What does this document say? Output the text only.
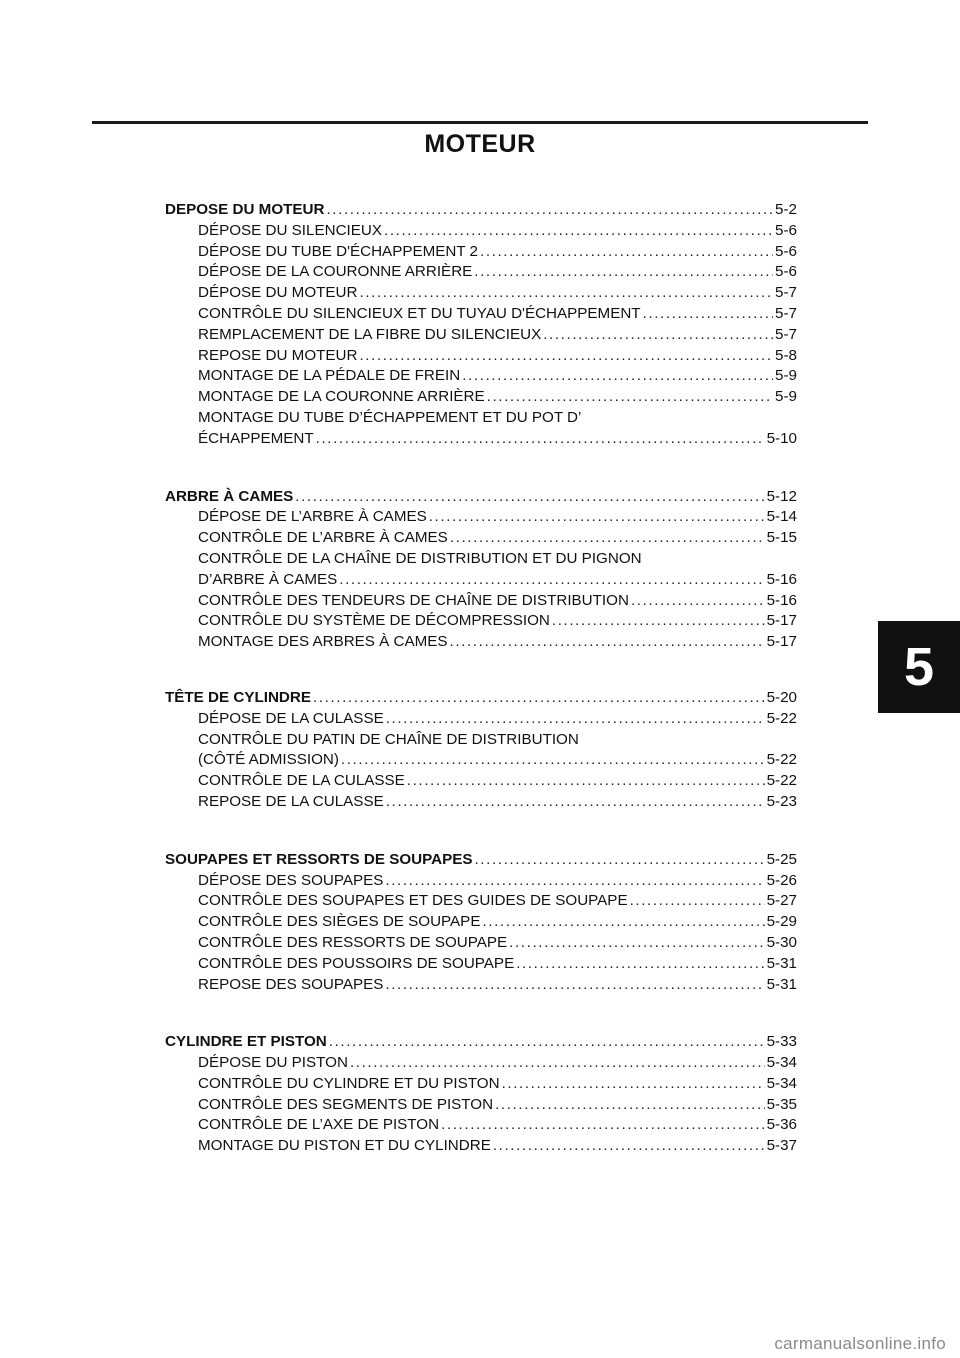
MOTEUR
5
DEPOSE DU MOTEUR .....	5-2
DÉPOSE DU SILENCIEUX .....	5-6
DÉPOSE DU TUBE D'ÉCHAPPEMENT 2 .....	5-6
DÉPOSE DE LA COURONNE ARRIÈRE .....	5-6
DÉPOSE DU MOTEUR .....	5-7
CONTRÔLE DU SILENCIEUX ET DU TUYAU D'ÉCHAPPEMENT .....	5-7
REMPLACEMENT DE LA FIBRE DU SILENCIEUX .....	5-7
REPOSE DU MOTEUR .....	5-8
MONTAGE DE LA PÉDALE DE FREIN .....	5-9
MONTAGE DE LA COURONNE ARRIÈRE .....	5-9
MONTAGE DU TUBE D’ÉCHAPPEMENT ET DU POT D’
ÉCHAPPEMENT .....	5-10
ARBRE À CAMES .....	5-12
DÉPOSE DE L’ARBRE À CAMES .....	5-14
CONTRÔLE DE L’ARBRE À CAMES .....	5-15
CONTRÔLE DE LA CHAÎNE DE DISTRIBUTION ET DU PIGNON
D’ARBRE À CAMES .....	5-16
CONTRÔLE DES TENDEURS DE CHAÎNE DE DISTRIBUTION .....	5-16
CONTRÔLE DU SYSTÈME DE DÉCOMPRESSION .....	5-17
MONTAGE DES ARBRES À CAMES .....	5-17
TÊTE DE CYLINDRE .....	5-20
DÉPOSE DE LA CULASSE .....	5-22
CONTRÔLE DU PATIN DE CHAÎNE DE DISTRIBUTION
(CÔTÉ ADMISSION) .....	5-22
CONTRÔLE DE LA CULASSE .....	5-22
REPOSE DE LA CULASSE .....	5-23
SOUPAPES ET RESSORTS DE SOUPAPES .....	5-25
DÉPOSE DES SOUPAPES .....	5-26
CONTRÔLE DES SOUPAPES ET DES GUIDES DE SOUPAPE .....	5-27
CONTRÔLE DES SIÈGES DE SOUPAPE .....	5-29
CONTRÔLE DES RESSORTS DE SOUPAPE .....	5-30
CONTRÔLE DES POUSSOIRS DE SOUPAPE .....	5-31
REPOSE DES SOUPAPES .....	5-31
CYLINDRE ET PISTON .....	5-33
DÉPOSE DU PISTON .....	5-34
CONTRÔLE DU CYLINDRE ET DU PISTON .....	5-34
CONTRÔLE DES SEGMENTS DE PISTON .....	5-35
CONTRÔLE DE L’AXE DE PISTON .....	5-36
MONTAGE DU PISTON ET DU CYLINDRE .....	5-37
carmanualsonline.info
